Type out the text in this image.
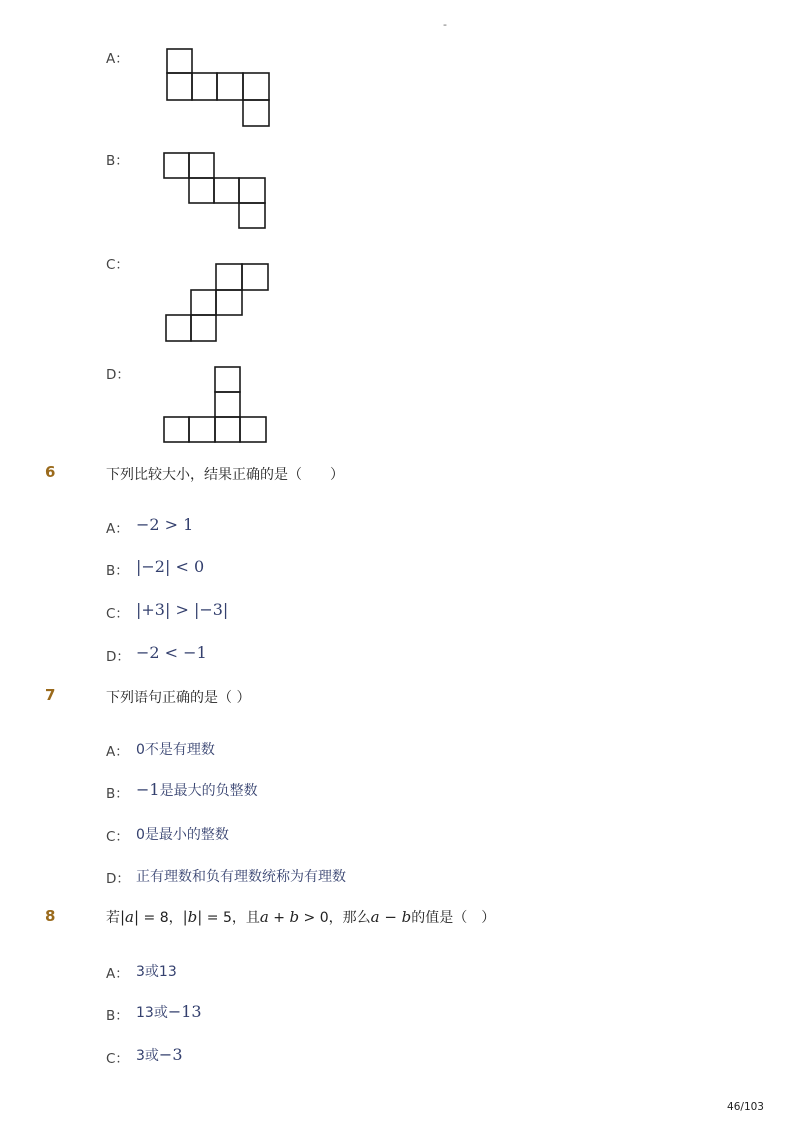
-
A：
B：
C：
D：
6	下列比较大小，结果正确的是（　　）
A： −2 > 1
B： |−2| < 0
C： |+3| > |−3|
D： −2 < −1
7	下列语句正确的是（ ）
A： 0不是有理数
B： −1是最大的负整数
C： 0是最小的整数
D： 正有理数和负有理数统称为有理数
8	若|a| = 8，|b| = 5，且a + b > 0，那么a − b的值是（　）
A： 3或13
B： 13或−13
C： 3或−3
46/103
